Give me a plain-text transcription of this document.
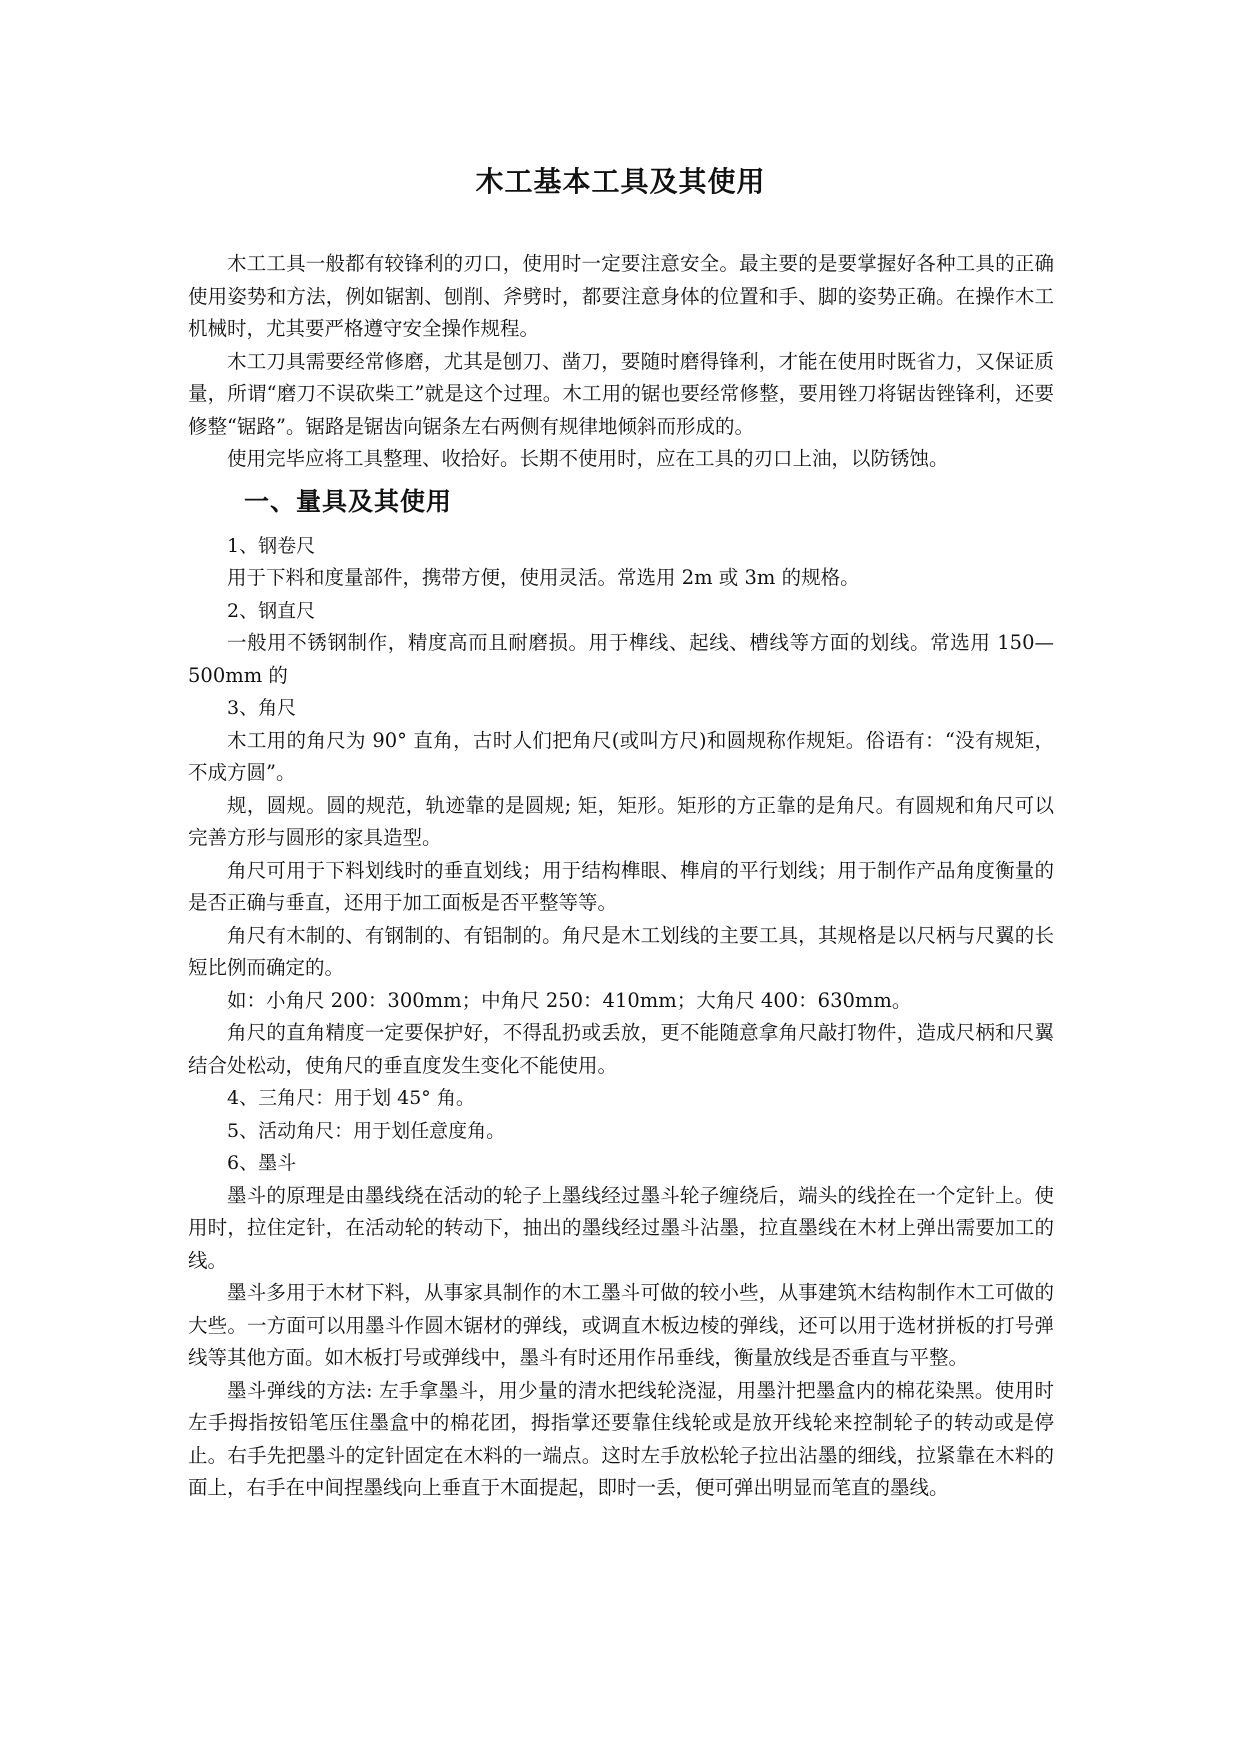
木工基本工具及其使用

木工工具一般都有较锋利的刃口，使用时一定要注意安全。最主要的是要掌握好各种工具的正确使用姿势和方法，例如锯割、刨削、斧劈时，都要注意身体的位置和手、脚的姿势正确。在操作木工机械时，尤其要严格遵守安全操作规程。

木工刀具需要经常修磨，尤其是刨刀、凿刀，要随时磨得锋利，才能在使用时既省力，又保证质量，所谓“磨刀不误砍柴工”就是这个过理。木工用的锯也要经常修整，要用锉刀将锯齿锉锋利，还要修整“锯路”。锯路是锯齿向锯条左右两侧有规律地倾斜而形成的。

使用完毕应将工具整理、收拾好。长期不使用时，应在工具的刃口上油，以防锈蚀。

一、量具及其使用

1、钢卷尺

用于下料和度量部件，携带方便，使用灵活。常选用 2m 或 3m 的规格。

2、钢直尺

一般用不锈钢制作，精度高而且耐磨损。用于榫线、起线、槽线等方面的划线。常选用 150—500mm 的

3、角尺

木工用的角尺为 90° 直角，古时人们把角尺(或叫方尺)和圆规称作规矩。俗语有：“没有规矩，不成方圆”。

规，圆规。圆的规范，轨迹靠的是圆规; 矩，矩形。矩形的方正靠的是角尺。有圆规和角尺可以完善方形与圆形的家具造型。

角尺可用于下料划线时的垂直划线；用于结构榫眼、榫肩的平行划线；用于制作产品角度衡量的是否正确与垂直，还用于加工面板是否平整等等。

角尺有木制的、有钢制的、有铝制的。角尺是木工划线的主要工具，其规格是以尺柄与尺翼的长短比例而确定的。

如：小角尺 200：300mm；中角尺 250：410mm；大角尺 400：630mm。

角尺的直角精度一定要保护好，不得乱扔或丢放，更不能随意拿角尺敲打物件，造成尺柄和尺翼结合处松动，使角尺的垂直度发生变化不能使用。

4、三角尺：用于划 45° 角。

5、活动角尺：用于划任意度角。

6、墨斗

墨斗的原理是由墨线绕在活动的轮子上墨线经过墨斗轮子缠绕后，端头的线拴在一个定针上。使用时，拉住定针，在活动轮的转动下，抽出的墨线经过墨斗沾墨，拉直墨线在木材上弹出需要加工的线。

墨斗多用于木材下料，从事家具制作的木工墨斗可做的较小些，从事建筑木结构制作木工可做的大些。一方面可以用墨斗作圆木锯材的弹线，或调直木板边棱的弹线，还可以用于选材拼板的打号弹线等其他方面。如木板打号或弹线中，墨斗有时还用作吊垂线，衡量放线是否垂直与平整。

墨斗弹线的方法: 左手拿墨斗，用少量的清水把线轮浇湿，用墨汁把墨盒内的棉花染黑。使用时左手拇指按铅笔压住墨盒中的棉花团，拇指掌还要靠住线轮或是放开线轮来控制轮子的转动或是停止。右手先把墨斗的定针固定在木料的一端点。这时左手放松轮子拉出沾墨的细线，拉紧靠在木料的面上，右手在中间捏墨线向上垂直于木面提起，即时一丢，便可弹出明显而笔直的墨线。
